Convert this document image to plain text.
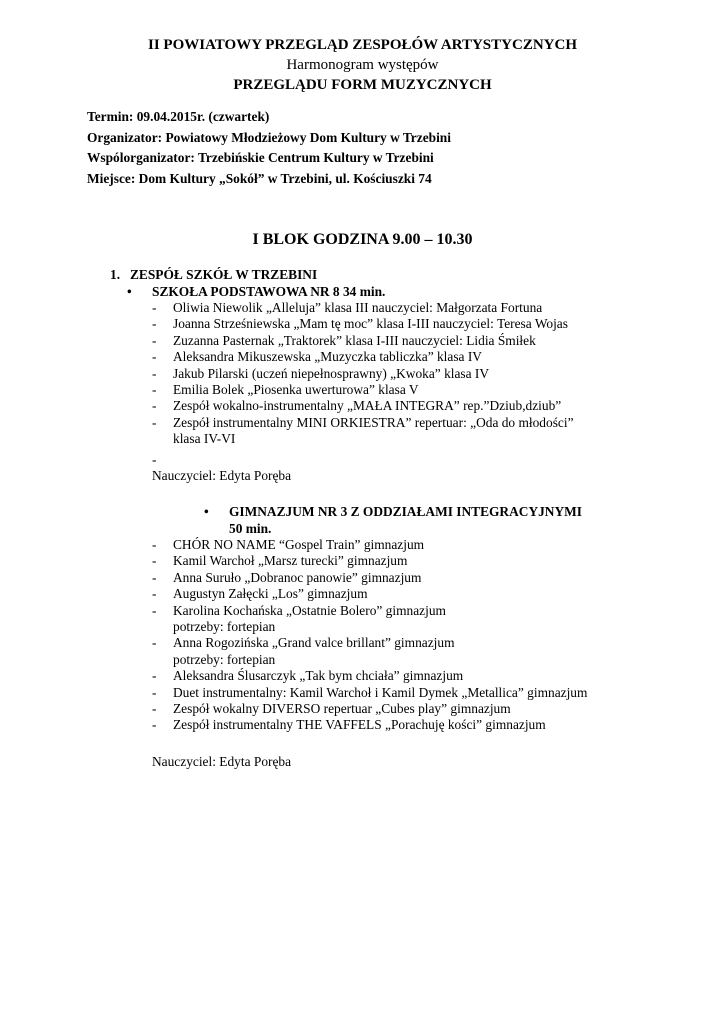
II POWIATOWY PRZEGLĄD ZESPOŁÓW ARTYSTYCZNYCH
Harmonogram występów
PRZEGLĄDU FORM MUZYCZNYCH
Termin: 09.04.2015r. (czwartek)
Organizator: Powiatowy Młodzieżowy Dom Kultury w Trzebini
Wspólorganizator: Trzebińskie Centrum Kultury w Trzebini
Miejsce: Dom Kultury „Sokół” w Trzebini, ul. Kościuszki 74
I BLOK GODZINA 9.00 – 10.30
1. ZESPÓŁ SZKÓŁ W TRZEBINI
• SZKOŁA PODSTAWOWA NR 8 34 min.
- Oliwia Niewolik „Alleluja” klasa III nauczyciel: Małgorzata Fortuna
- Joanna Strześniewska „Mam tę moc” klasa I-III nauczyciel: Teresa Wojas
- Zuzanna Pasternak „Traktorek” klasa I-III nauczyciel: Lidia Śmiłek
- Aleksandra Mikuszewska „Muzyczka tabliczka” klasa IV
- Jakub Pilarski (uczeń niepełnosprawny) „Kwoka” klasa IV
- Emilia Bolek „Piosenka uwerturowa” klasa V
- Zespół wokalno-instrumentalny „MAŁA INTEGRA” rep.”Dziub,dziub”
- Zespół instrumentalny MINI ORKIESTRA” repertuar: „Oda do młodości”
klasa IV-VI
-
Nauczyciel: Edyta Poręba
• GIMNAZJUM NR 3 Z ODDZIAŁAMI INTEGRACYJNYMI
50 min.
- CHÓR NO NAME “Gospel Train” gimnazjum
- Kamil Warchoł „Marsz turecki” gimnazjum
- Anna Suruło „Dobranoc panowie” gimnazjum
- Augustyn Załęcki „Los” gimnazjum
- Karolina Kochańska „Ostatnie Bolero” gimnazjum
potrzeby: fortepian
- Anna Rogozińska „Grand valce brillant” gimnazjum
potrzeby: fortepian
- Aleksandra Ślusarczyk „Tak bym chciała” gimnazjum
- Duet instrumentalny: Kamil Warchoł i Kamil Dymek „Metallica” gimnazjum
- Zespół wokalny DIVERSO repertuar „Cubes play” gimnazjum
- Zespół instrumentalny THE VAFFELS „Porachuję kości” gimnazjum
Nauczyciel: Edyta Poręba
